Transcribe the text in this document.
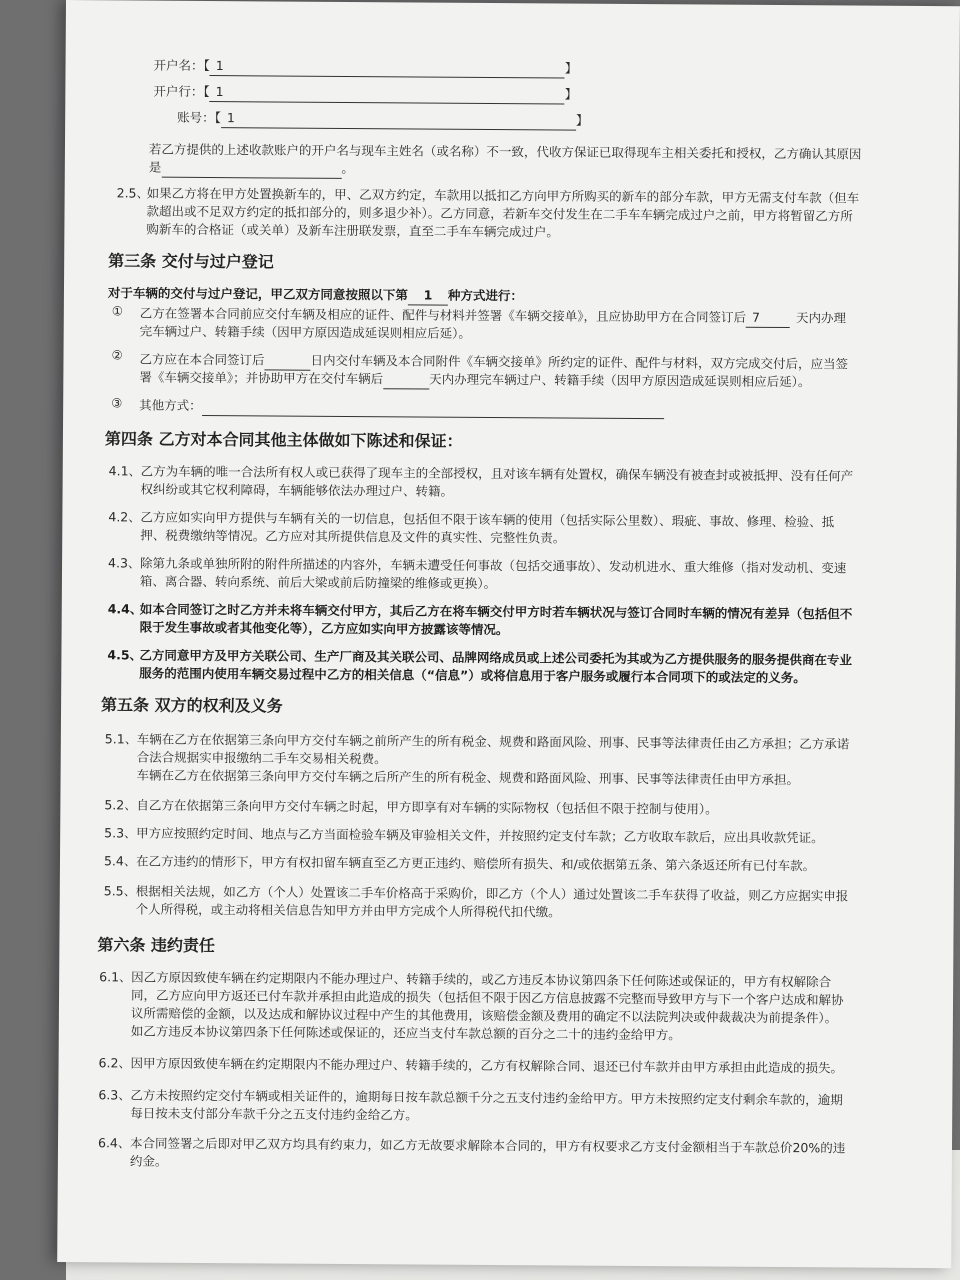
开户名：【 1	】
开户行：【 1	】
账号：【 1	】
若乙方提供的上述收款账户的开户名与现车主姓名（或名称）不一致，代收方保证已取得现车主相关委托和授权，乙方确认其原因
是	。
2.5、
如果乙方将在甲方处置换新车的，甲、乙双方约定，车款用以抵扣乙方向甲方所购买的新车的部分车款，甲方无需支付车款（但车
款超出或不足双方约定的抵扣部分的，则多退少补）。乙方同意，若新车交付发生在二手车车辆完成过户之前，甲方将暂留乙方所
购新车的合格证（或关单）及新车注册联发票，直至二手车车辆完成过户。
第三条 交付与过户登记
对于车辆的交付与过户登记，甲乙双方同意按照以下第 1 种方式进行：
① 乙方在签署本合同前应交付车辆及相应的证件、配件与材料并签署《车辆交接单》，且应协助甲方在合同签订后 7	天内办理
完车辆过户、转籍手续（因甲方原因造成延误则相应后延）。
② 乙方应在本合同签订后	日内交付车辆及本合同附件《车辆交接单》所约定的证件、配件与材料，双方完成交付后，应当签
署《车辆交接单》；并协助甲方在交付车辆后	天内办理完车辆过户、转籍手续（因甲方原因造成延误则相应后延）。
③ 其他方式：
第四条 乙方对本合同其他主体做如下陈述和保证：
4.1、 乙方为车辆的唯一合法所有权人或已获得了现车主的全部授权，且对该车辆有处置权，确保车辆没有被查封或被抵押、没有任何产
权纠纷或其它权利障碍，车辆能够依法办理过户、转籍。
4.2、 乙方应如实向甲方提供与车辆有关的一切信息，包括但不限于该车辆的使用（包括实际公里数）、瑕疵、事故、修理、检验、抵
押、税费缴纳等情况。乙方应对其所提供信息及文件的真实性、完整性负责。
4.3、 除第九条或单独所附的附件所描述的内容外，车辆未遭受任何事故（包括交通事故）、发动机进水、重大维修（指对发动机、变速
箱、离合器、转向系统、前后大梁或前后防撞梁的维修或更换）。
4.4、
如本合同签订之时乙方并未将车辆交付甲方，其后乙方在将车辆交付甲方时若车辆状况与签订合同时车辆的情况有差异（包括但不
限于发生事故或者其他变化等），乙方应如实向甲方披露该等情况。
4.5、
乙方同意甲方及甲方关联公司、生产厂商及其关联公司、品牌网络成员或上述公司委托为其或为乙方提供服务的服务提供商在专业
服务的范围内使用车辆交易过程中乙方的相关信息（“信息”）或将信息用于客户服务或履行本合同项下的或法定的义务。
第五条 双方的权利及义务
5.1、 车辆在乙方在依据第三条向甲方交付车辆之前所产生的所有税金、规费和路面风险、刑事、民事等法律责任由乙方承担；乙方承诺
合法合规据实申报缴纳二手车交易相关税费。
车辆在乙方在依据第三条向甲方交付车辆之后所产生的所有税金、规费和路面风险、刑事、民事等法律责任由甲方承担。
5.2、 自乙方在依据第三条向甲方交付车辆之时起，甲方即享有对车辆的实际物权（包括但不限于控制与使用）。
5.3、 甲方应按照约定时间、地点与乙方当面检验车辆及审验相关文件，并按照约定支付车款；乙方收取车款后，应出具收款凭证。
5.4、 在乙方违约的情形下，甲方有权扣留车辆直至乙方更正违约、赔偿所有损失、和/或依据第五条、第六条返还所有已付车款。
5.5、 根据相关法规，如乙方（个人）处置该二手车价格高于采购价，即乙方（个人）通过处置该二手车获得了收益，则乙方应据实申报
个人所得税，或主动将相关信息告知甲方并由甲方完成个人所得税代扣代缴。
第六条 违约责任
6.1、 因乙方原因致使车辆在约定期限内不能办理过户、转籍手续的，或乙方违反本协议第四条下任何陈述或保证的，甲方有权解除合
同，乙方应向甲方返还已付车款并承担由此造成的损失（包括但不限于因乙方信息披露不完整而导致甲方与下一个客户达成和解协
议所需赔偿的金额，以及达成和解协议过程中产生的其他费用，该赔偿金额及费用的确定不以法院判决或仲裁裁决为前提条件）。
如乙方违反本协议第四条下任何陈述或保证的，还应当支付车款总额的百分之二十的违约金给甲方。
6.2、 因甲方原因致使车辆在约定期限内不能办理过户、转籍手续的，乙方有权解除合同、退还已付车款并由甲方承担由此造成的损失。
6.3、 乙方未按照约定交付车辆或相关证件的，逾期每日按车款总额千分之五支付违约金给甲方。甲方未按照约定支付剩余车款的，逾期
每日按未支付部分车款千分之五支付违约金给乙方。
6.4、 本合同签署之后即对甲乙双方均具有约束力，如乙方无故要求解除本合同的，甲方有权要求乙方支付金额相当于车款总价20%的违
约金。
